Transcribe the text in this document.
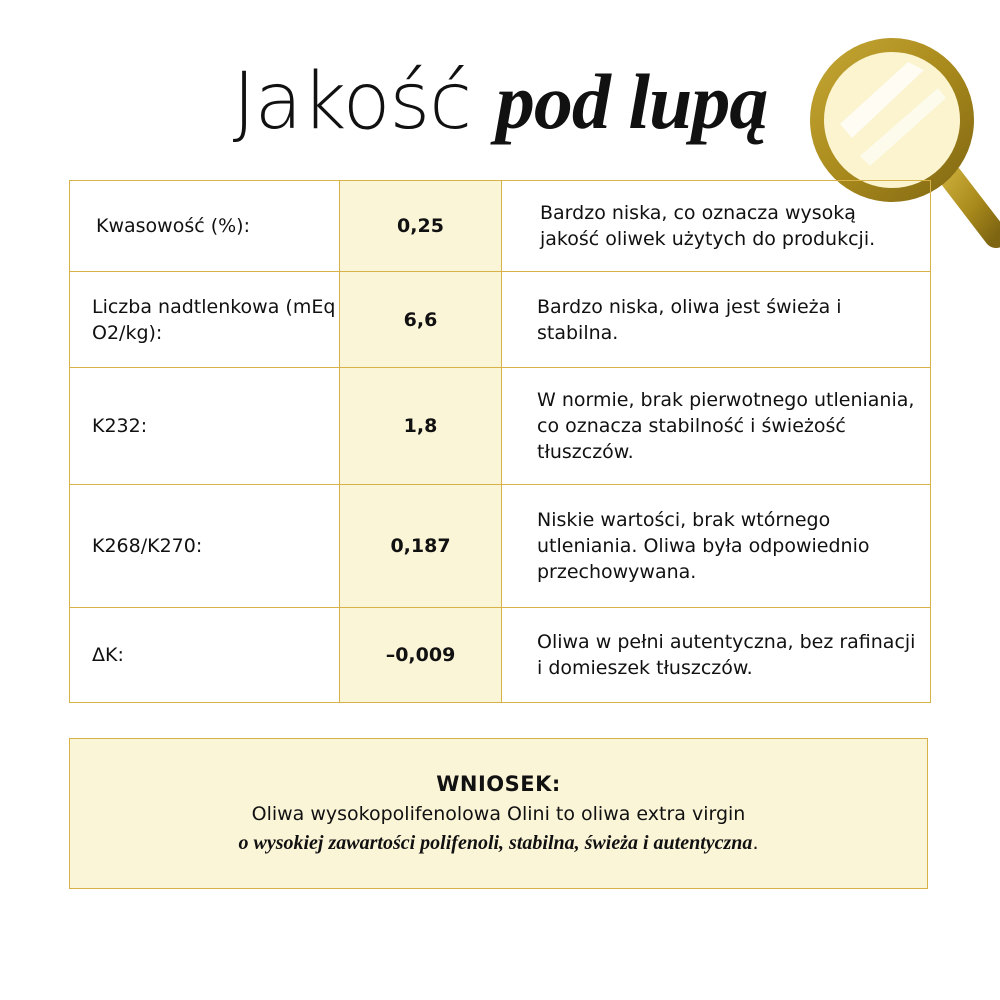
Jakość pod lupą
Kwasowość (%):	0,25	Bardzo niska, co oznacza wysoką jakość oliwek użytych do produkcji.
Liczba nadtlenkowa (mEq O2/kg):	6,6	Bardzo niska, oliwa jest świeża i stabilna.
K232:	1,8	W normie, brak pierwotnego utleniania, co oznacza stabilność i świeżość tłuszczów.
K268/K270:	0,187	Niskie wartości, brak wtórnego utleniania. Oliwa była odpowiednio przechowywana.
ΔK:	–0,009	Oliwa w pełni autentyczna, bez rafinacji i domieszek tłuszczów.
WNIOSEK:
Oliwa wysokopolifenolowa Olini to oliwa extra virgin
o wysokiej zawartości polifenoli, stabilna, świeża i autentyczna.
